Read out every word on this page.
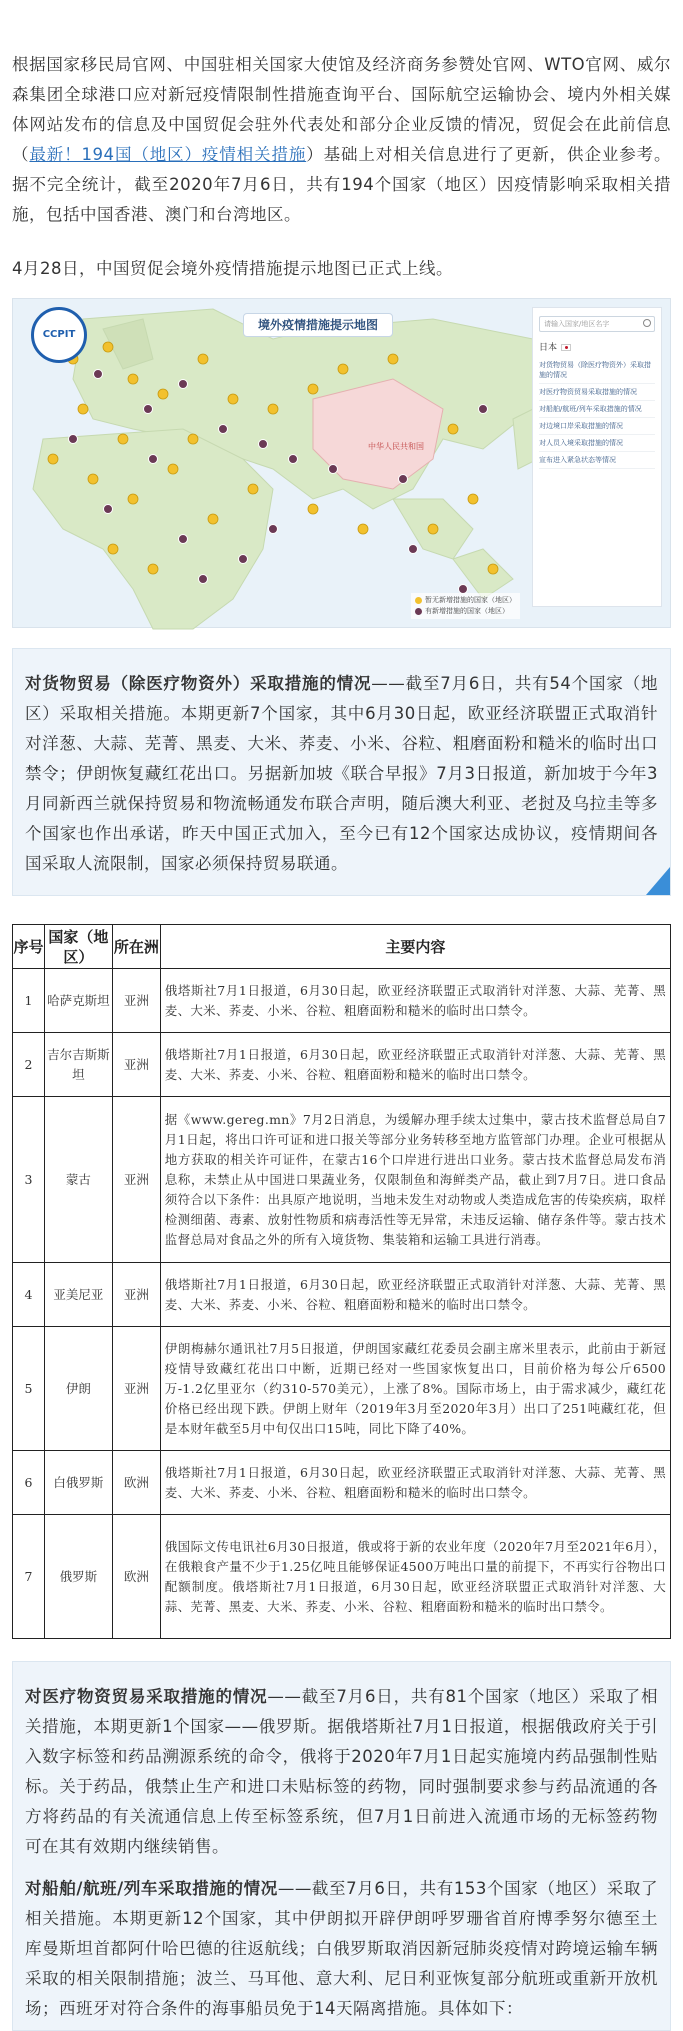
根据国家移民局官网、中国驻相关国家大使馆及经济商务参赞处官网、WTO官网、威尔森集团全球港口应对新冠疫情限制性措施查询平台、国际航空运输协会、境内外相关媒体网站发布的信息及中国贸促会驻外代表处和部分企业反馈的情况，贸促会在此前信息（最新！194国（地区）疫情相关措施）基础上对相关信息进行了更新，供企业参考。据不完全统计，截至2020年7月6日，共有194个国家（地区）因疫情影响采取相关措施，包括中国香港、澳门和台湾地区。

4月28日，中国贸促会境外疫情措施提示地图已正式上线。

中华人民共和国
CCPIT
境外疫情措施提示地图	请输入国家/地区名字
日本
对货物贸易（除医疗物资外）采取措施的情况
对医疗物资贸易采取措施的情况
对船舶/航班/列车采取措施的情况
对边境口岸采取措施的情况
对人员入境采取措施的情况
宣布进入紧急状态等情况
暂无新增措施的国家（地区）
有新增措施的国家（地区）

对货物贸易（除医疗物资外）采取措施的情况——截至7月6日，共有54个国家（地区）采取相关措施。本期更新7个国家，其中6月30日起，欧亚经济联盟正式取消针对洋葱、大蒜、芜菁、黑麦、大米、荞麦、小米、谷粒、粗磨面粉和糙米的临时出口禁令；伊朗恢复藏红花出口。另据新加坡《联合早报》7月3日报道，新加坡于今年3月同新西兰就保持贸易和物流畅通发布联合声明，随后澳大利亚、老挝及乌拉圭等多个国家也作出承诺，昨天中国正式加入，至今已有12个国家达成协议，疫情期间各国采取人流限制，国家必须保持贸易联通。

序号	国家（地区）	所在洲	主要内容
1	哈萨克斯坦	亚洲	俄塔斯社7月1日报道，6月30日起，欧亚经济联盟正式取消针对洋葱、大蒜、芜菁、黑麦、大米、荞麦、小米、谷粒、粗磨面粉和糙米的临时出口禁令。
2	吉尔吉斯斯坦	亚洲	俄塔斯社7月1日报道，6月30日起，欧亚经济联盟正式取消针对洋葱、大蒜、芜菁、黑麦、大米、荞麦、小米、谷粒、粗磨面粉和糙米的临时出口禁令。
3	蒙古	亚洲	据《www.gereg.mn》7月2日消息，为缓解办理手续太过集中，蒙古技术监督总局自7月1日起，将出口许可证和进口报关等部分业务转移至地方监管部门办理。企业可根据从地方获取的相关许可证件，在蒙古16个口岸进行进出口业务。蒙古技术监督总局发布消息称，未禁止从中国进口果蔬业务，仅限制鱼和海鲜类产品，截止到7月7日。进口食品须符合以下条件：出具原产地说明，当地未发生对动物或人类造成危害的传染疾病，取样检测细菌、毒素、放射性物质和病毒活性等无异常，未违反运输、储存条件等。蒙古技术监督总局对食品之外的所有入境货物、集装箱和运输工具进行消毒。
4	亚美尼亚	亚洲	俄塔斯社7月1日报道，6月30日起，欧亚经济联盟正式取消针对洋葱、大蒜、芜菁、黑麦、大米、荞麦、小米、谷粒、粗磨面粉和糙米的临时出口禁令。
5	伊朗	亚洲	伊朗梅赫尔通讯社7月5日报道，伊朗国家藏红花委员会副主席米里表示，此前由于新冠疫情导致藏红花出口中断，近期已经对一些国家恢复出口，目前价格为每公斤6500万-1.2亿里亚尔（约310-570美元），上涨了8%。国际市场上，由于需求减少，藏红花价格已经出现下跌。伊朗上财年（2019年3月至2020年3月）出口了251吨藏红花，但是本财年截至5月中旬仅出口15吨，同比下降了40%。
6	白俄罗斯	欧洲	俄塔斯社7月1日报道，6月30日起，欧亚经济联盟正式取消针对洋葱、大蒜、芜菁、黑麦、大米、荞麦、小米、谷粒、粗磨面粉和糙米的临时出口禁令。
7	俄罗斯	欧洲	俄国际文传电讯社6月30日报道，俄或将于新的农业年度（2020年7月至2021年6月），在俄粮食产量不少于1.25亿吨且能够保证4500万吨出口量的前提下，不再实行谷物出口配额制度。俄塔斯社7月1日报道，6月30日起，欧亚经济联盟正式取消针对洋葱、大蒜、芜菁、黑麦、大米、荞麦、小米、谷粒、粗磨面粉和糙米的临时出口禁令。

对医疗物资贸易采取措施的情况——截至7月6日，共有81个国家（地区）采取了相关措施，本期更新1个国家——俄罗斯。据俄塔斯社7月1日报道，根据俄政府关于引入数字标签和药品溯源系统的命令，俄将于2020年7月1日起实施境内药品强制性贴标。关于药品，俄禁止生产和进口未贴标签的药物，同时强制要求参与药品流通的各方将药品的有关流通信息上传至标签系统，但7月1日前进入流通市场的无标签药物可在其有效期内继续销售。

对船舶/航班/列车采取措施的情况——截至7月6日，共有153个国家（地区）采取了相关措施。本期更新12个国家，其中伊朗拟开辟伊朗呼罗珊省首府博季努尔德至土库曼斯坦首都阿什哈巴德的往返航线；白俄罗斯取消因新冠肺炎疫情对跨境运输车辆采取的相关限制措施；波兰、马耳他、意大利、尼日利亚恢复部分航班或重新开放机场；西班牙对符合条件的海事船员免于14天隔离措施。具体如下：
